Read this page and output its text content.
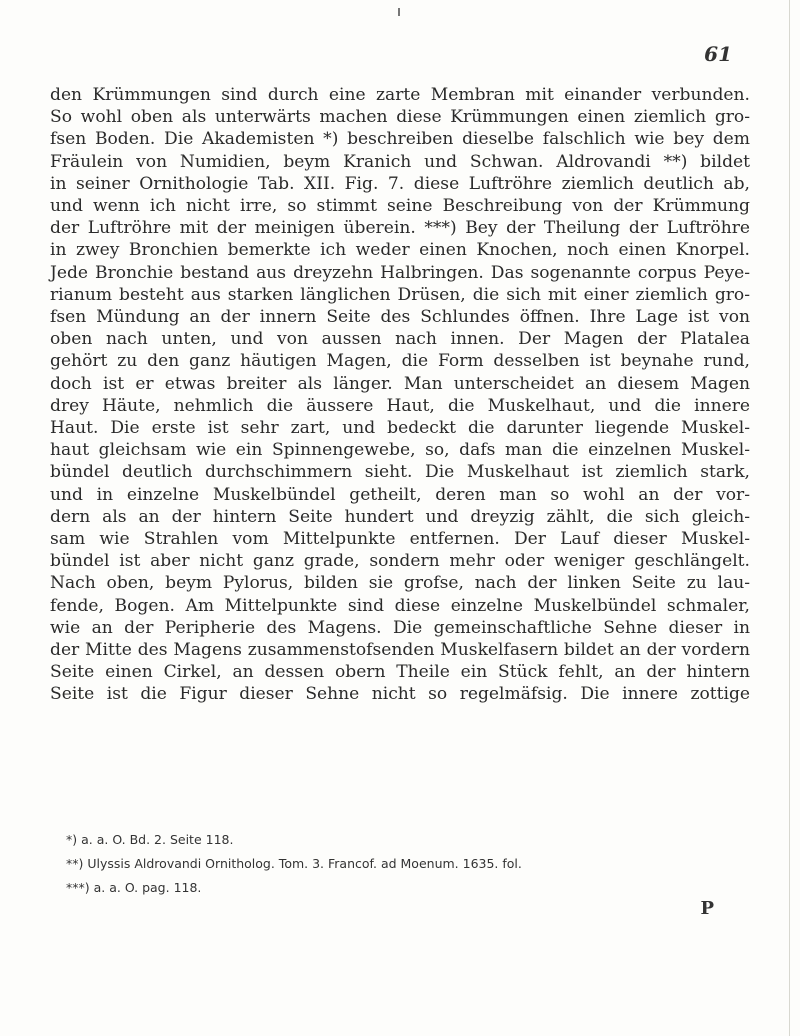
61
den Krümmungen sind durch eine zarte Membran mit einander verbunden.
So wohl oben als unterwärts machen diese Krümmungen einen ziemlich gro-
fsen Boden. Die Akademisten *) beschreiben dieselbe falschlich wie bey dem
Fräulein von Numidien, beym Kranich und Schwan. Aldrovandi **) bildet
in seiner Ornithologie Tab. XII. Fig. 7. diese Luftröhre ziemlich deutlich ab,
und wenn ich nicht irre, so stimmt seine Beschreibung von der Krümmung
der Luftröhre mit der meinigen überein. ***) Bey der Theilung der Luftröhre
in zwey Bronchien bemerkte ich weder einen Knochen, noch einen Knorpel.
Jede Bronchie bestand aus dreyzehn Halbringen. Das sogenannte corpus Peye-
rianum besteht aus starken länglichen Drüsen, die sich mit einer ziemlich gro-
fsen Mündung an der innern Seite des Schlundes öffnen. Ihre Lage ist von
oben nach unten, und von aussen nach innen. Der Magen der Platalea
gehört zu den ganz häutigen Magen, die Form desselben ist beynahe rund,
doch ist er etwas breiter als länger. Man unterscheidet an diesem Magen
drey Häute, nehmlich die äussere Haut, die Muskelhaut, und die innere
Haut. Die erste ist sehr zart, und bedeckt die darunter liegende Muskel-
haut gleichsam wie ein Spinnengewebe, so, dafs man die einzelnen Muskel-
bündel deutlich durchschimmern sieht. Die Muskelhaut ist ziemlich stark,
und in einzelne Muskelbündel getheilt, deren man so wohl an der vor-
dern als an der hintern Seite hundert und dreyzig zählt, die sich gleich-
sam wie Strahlen vom Mittelpunkte entfernen. Der Lauf dieser Muskel-
bündel ist aber nicht ganz grade, sondern mehr oder weniger geschlängelt.
Nach oben, beym Pylorus, bilden sie grofse, nach der linken Seite zu lau-
fende, Bogen. Am Mittelpunkte sind diese einzelne Muskelbündel schmaler,
wie an der Peripherie des Magens. Die gemeinschaftliche Sehne dieser in
der Mitte des Magens zusammenstofsenden Muskelfasern bildet an der vordern
Seite einen Cirkel, an dessen obern Theile ein Stück fehlt, an der hintern
Seite ist die Figur dieser Sehne nicht so regelmäfsig. Die innere zottige
*) a. a. O. Bd. 2. Seite 118.
**) Ulyssis Aldrovandi Ornitholog. Tom. 3. Francof. ad Moenum. 1635. fol.
***) a. a. O. pag. 118.
P
